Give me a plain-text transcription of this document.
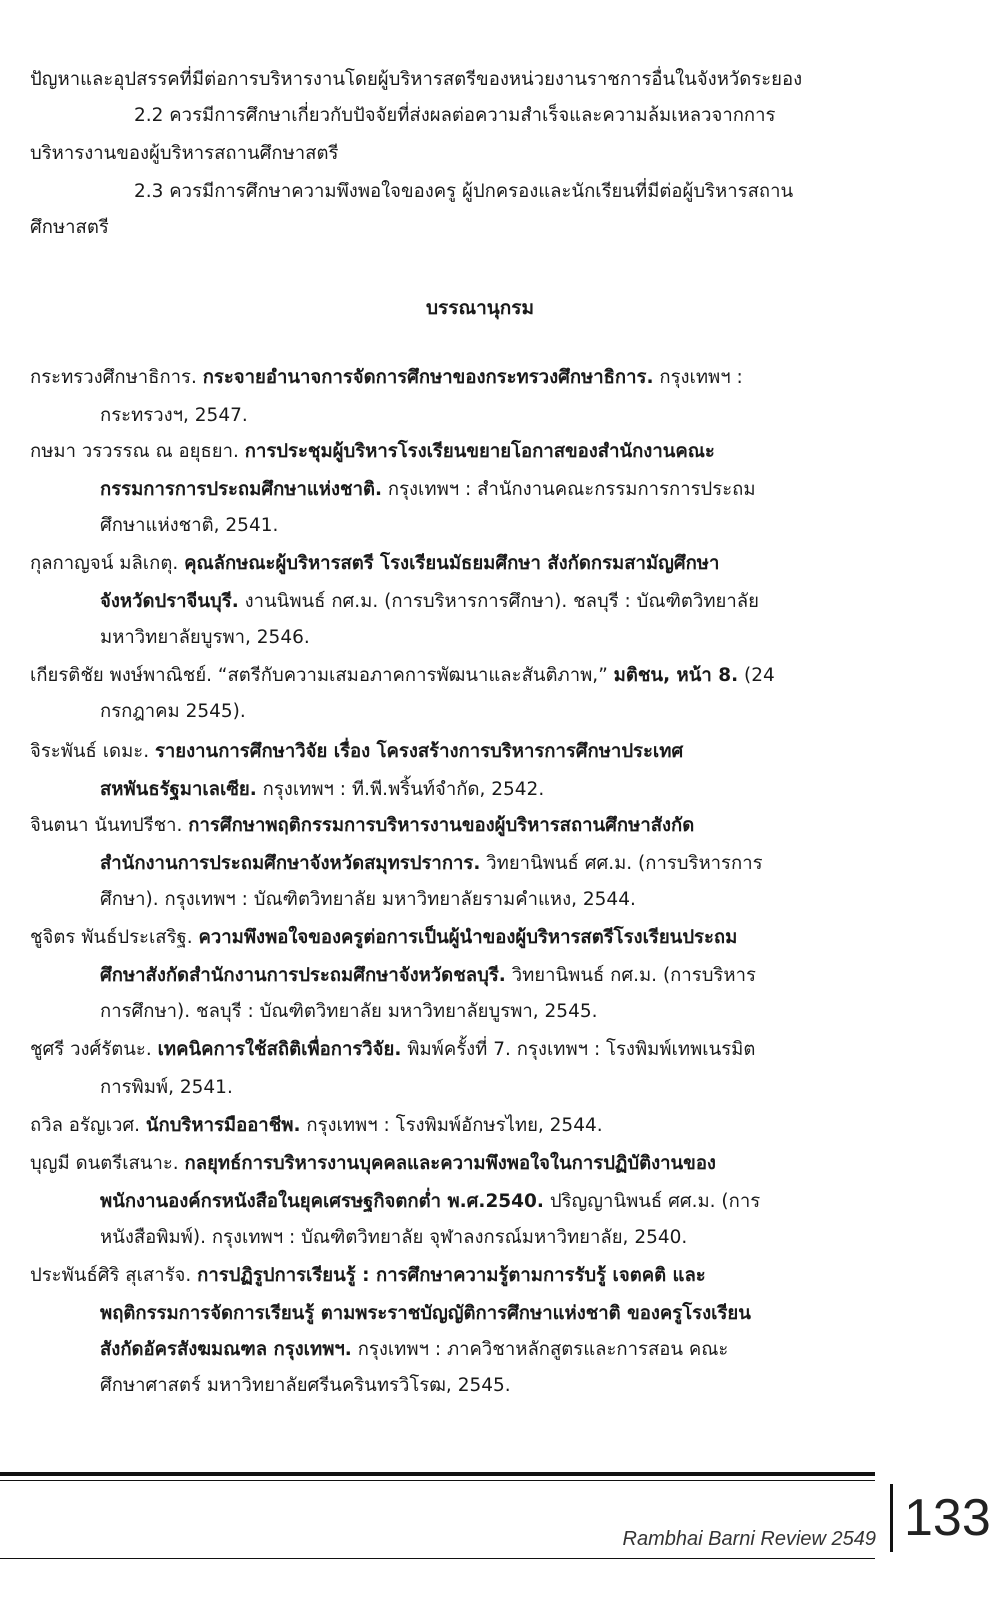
ปัญหาและอุปสรรคที่มีต่อการบริหารงานโดยผู้บริหารสตรีของหน่วยงานราชการอื่นในจังหวัดระยอง
2.2 ควรมีการศึกษาเกี่ยวกับปัจจัยที่ส่งผลต่อความสำเร็จและความล้มเหลวจากการ
บริหารงานของผู้บริหารสถานศึกษาสตรี
2.3 ควรมีการศึกษาความพึงพอใจของครู ผู้ปกครองและนักเรียนที่มีต่อผู้บริหารสถาน
ศึกษาสตรี
บรรณานุกรม
กระทรวงศึกษาธิการ. กระจายอำนาจการจัดการศึกษาของกระทรวงศึกษาธิการ. กรุงเทพฯ :
กระทรวงฯ, 2547.
กษมา วรวรรณ ณ อยุธยา. การประชุมผู้บริหารโรงเรียนขยายโอกาสของสำนักงานคณะ
กรรมการการประถมศึกษาแห่งชาติ. กรุงเทพฯ : สำนักงานคณะกรรมการการประถม
ศึกษาแห่งชาติ, 2541.
กุลกาญจน์ มลิเกตุ. คุณลักษณะผู้บริหารสตรี โรงเรียนมัธยมศึกษา สังกัดกรมสามัญศึกษา
จังหวัดปราจีนบุรี. งานนิพนธ์ กศ.ม. (การบริหารการศึกษา). ชลบุรี : บัณฑิตวิทยาลัย
มหาวิทยาลัยบูรพา, 2546.
เกียรติชัย พงษ์พาณิชย์. “สตรีกับความเสมอภาคการพัฒนาและสันติภาพ,” มติชน, หน้า 8. (24
กรกฎาคม 2545).
จิระพันธ์ เดมะ. รายงานการศึกษาวิจัย เรื่อง โครงสร้างการบริหารการศึกษาประเทศ
สหพันธรัฐมาเลเซีย. กรุงเทพฯ : ที.พี.พริ้นท์จำกัด, 2542.
จินตนา นันทปรีชา. การศึกษาพฤติกรรมการบริหารงานของผู้บริหารสถานศึกษาสังกัด
สำนักงานการประถมศึกษาจังหวัดสมุทรปราการ. วิทยานิพนธ์ ศศ.ม. (การบริหารการ
ศึกษา). กรุงเทพฯ : บัณฑิตวิทยาลัย มหาวิทยาลัยรามคำแหง, 2544.
ชูจิตร พันธ์ประเสริฐ. ความพึงพอใจของครูต่อการเป็นผู้นำของผู้บริหารสตรีโรงเรียนประถม
ศึกษาสังกัดสำนักงานการประถมศึกษาจังหวัดชลบุรี. วิทยานิพนธ์ กศ.ม. (การบริหาร
การศึกษา). ชลบุรี : บัณฑิตวิทยาลัย มหาวิทยาลัยบูรพา, 2545.
ชูศรี วงศ์รัตนะ. เทคนิคการใช้สถิติเพื่อการวิจัย. พิมพ์ครั้งที่ 7. กรุงเทพฯ : โรงพิมพ์เทพเนรมิต
การพิมพ์, 2541.
ถวิล อรัญเวศ. นักบริหารมืออาชีพ. กรุงเทพฯ : โรงพิมพ์อักษรไทย, 2544.
บุญมี ดนตรีเสนาะ. กลยุทธ์การบริหารงานบุคคลและความพึงพอใจในการปฏิบัติงานของ
พนักงานองค์กรหนังสือในยุคเศรษฐกิจตกต่ำ พ.ศ.2540. ปริญญานิพนธ์ ศศ.ม. (การ
หนังสือพิมพ์). กรุงเทพฯ : บัณฑิตวิทยาลัย จุฬาลงกรณ์มหาวิทยาลัย, 2540.
ประพันธ์ศิริ สุเสารัจ. การปฏิรูปการเรียนรู้ : การศึกษาความรู้ตามการรับรู้ เจตคติ และ
พฤติกรรมการจัดการเรียนรู้ ตามพระราชบัญญัติการศึกษาแห่งชาติ ของครูโรงเรียน
สังกัดอัครสังฆมณฑล กรุงเทพฯ. กรุงเทพฯ : ภาควิชาหลักสูตรและการสอน คณะ
ศึกษาศาสตร์ มหาวิทยาลัยศรีนครินทรวิโรฒ, 2545.
Rambhai Barni Review 2549 133
